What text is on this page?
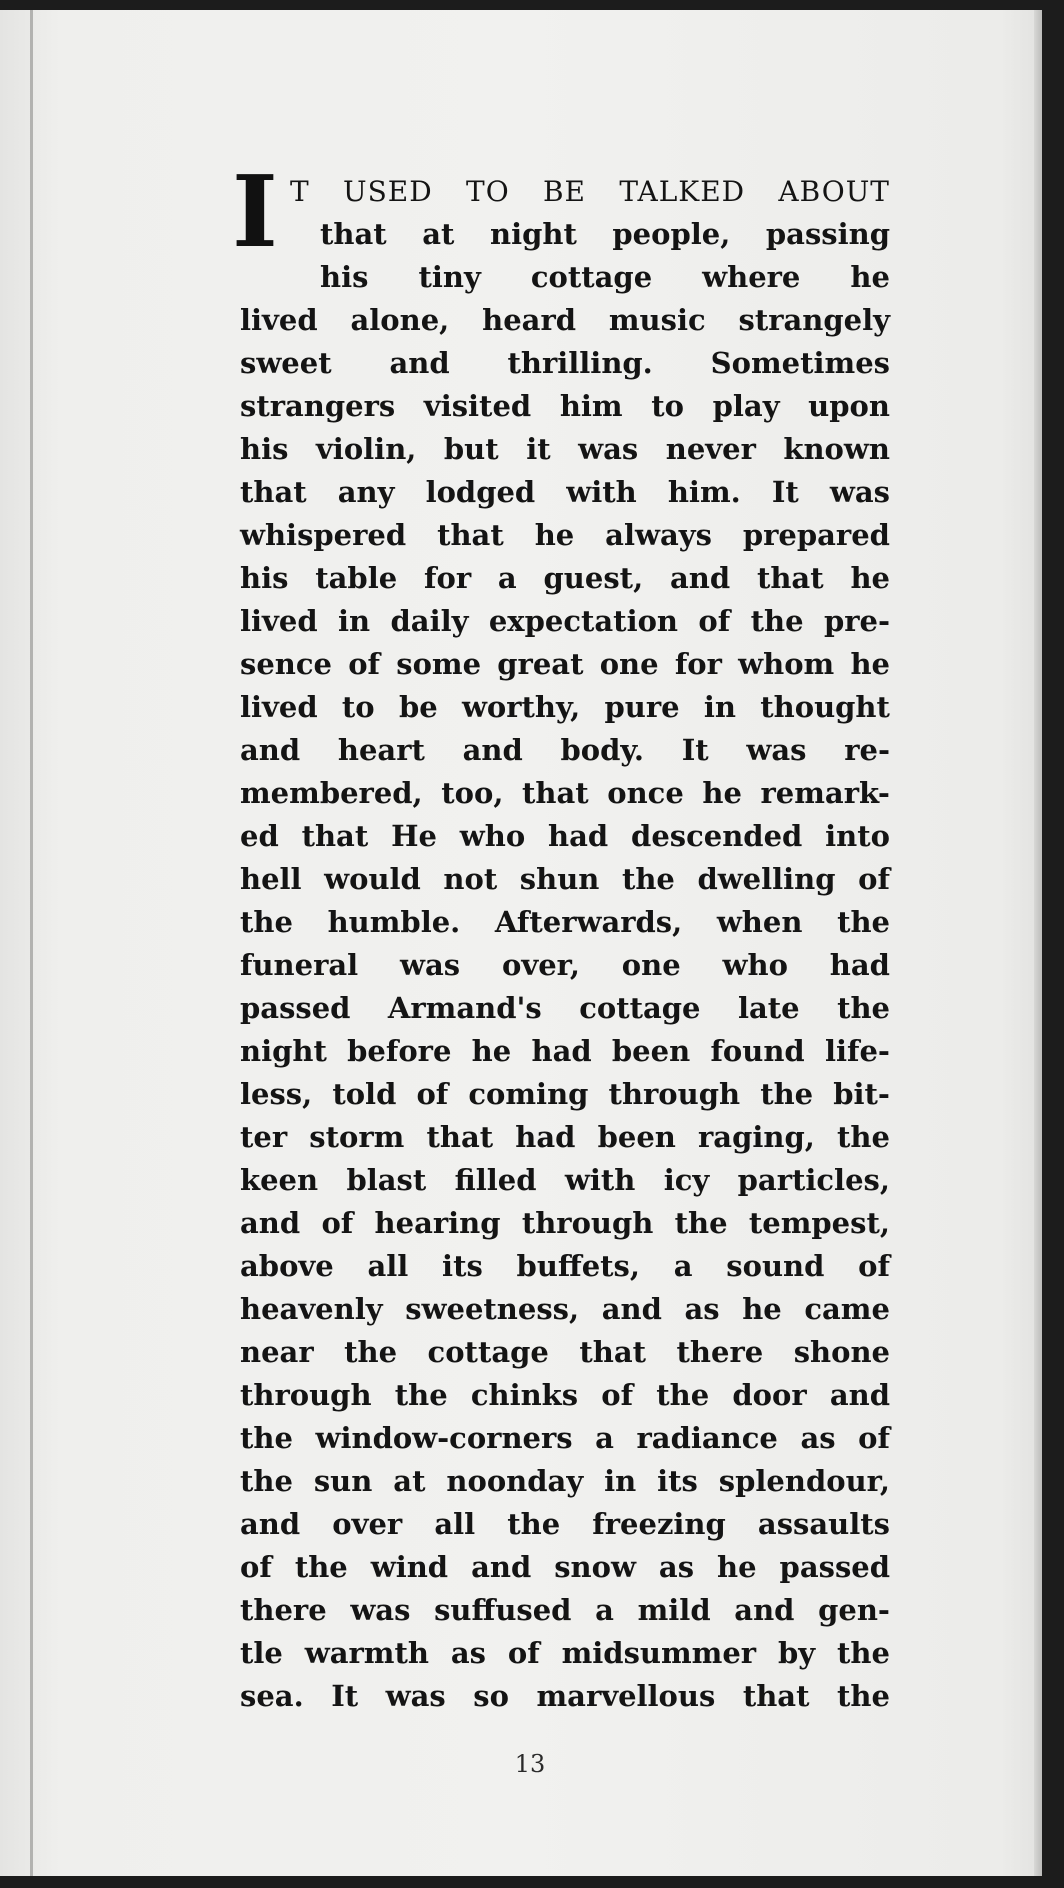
I T USED TO BE TALKED ABOUT
that at night people, passing
his tiny cottage where he
lived alone, heard music strangely
sweet and thrilling. Sometimes
strangers visited him to play upon
his violin, but it was never known
that any lodged with him. It was
whispered that he always prepared
his table for a guest, and that he
lived in daily expectation of the pre-
sence of some great one for whom he
lived to be worthy, pure in thought
and heart and body. It was re-
membered, too, that once he remark-
ed that He who had descended into
hell would not shun the dwelling of
the humble. Afterwards, when the
funeral was over, one who had
passed Armand's cottage late the
night before he had been found life-
less, told of coming through the bit-
ter storm that had been raging, the
keen blast filled with icy particles,
and of hearing through the tempest,
above all its buffets, a sound of
heavenly sweetness, and as he came
near the cottage that there shone
through the chinks of the door and
the window-corners a radiance as of
the sun at noonday in its splendour,
and over all the freezing assaults
of the wind and snow as he passed
there was suffused a mild and gen-
tle warmth as of midsummer by the
sea. It was so marvellous that the
13
